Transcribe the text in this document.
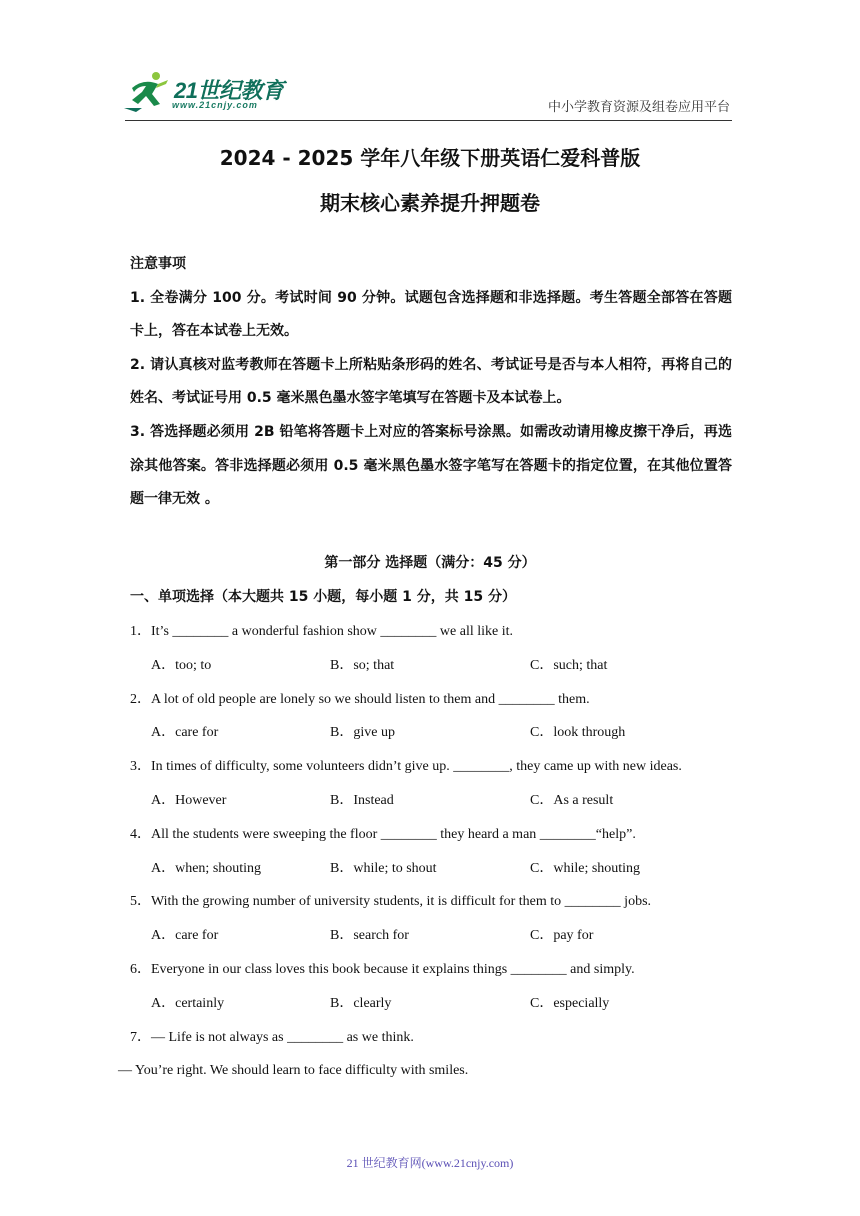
21世纪教育
www.21cnjy.com	中小学教育资源及组卷应用平台
2024 - 2025 学年八年级下册英语仁爱科普版
期末核心素养提升押题卷

注意事项

1. 全卷满分 100 分。考试时间 90 分钟。试题包含选择题和非选择题。考生答题全部答在答题卡上，答在本试卷上无效。

2. 请认真核对监考教师在答题卡上所粘贴条形码的姓名、考试证号是否与本人相符，再将自己的姓名、考试证号用 0.5 毫米黑色墨水签字笔填写在答题卡及本试卷上。

3. 答选择题必须用 2B 铅笔将答题卡上对应的答案标号涂黑。如需改动请用橡皮擦干净后，再选涂其他答案。答非选择题必须用 0.5 毫米黑色墨水签字笔写在答题卡的指定位置，在其他位置答题一律无效 。

第一部分 选择题（满分：45 分）
一、单项选择（本大题共 15 小题，每小题 1 分，共 15 分）
1．It’s ________ a wonderful fashion show ________ we all like it.
A．too; to	B．so; that	C．such; that
2．A lot of old people are lonely so we should listen to them and ________ them.
A．care for	B．give up	C．look through
3．In times of difficulty, some volunteers didn’t give up. ________, they came up with new ideas.
A．However	B．Instead	C．As a result
4．All the students were sweeping the floor ________ they heard a man ________“help”.
A．when; shouting	B．while; to shout	C．while; shouting
5．With the growing number of university students, it is difficult for them to ________ jobs.
A．care for	B．search for	C．pay for
6．Everyone in our class loves this book because it explains things ________ and simply.
A．certainly	B．clearly	C．especially
7．— Life is not always as ________ as we think.
— You’re right. We should learn to face difficulty with smiles.
21 世纪教育网(www.21cnjy.com)
